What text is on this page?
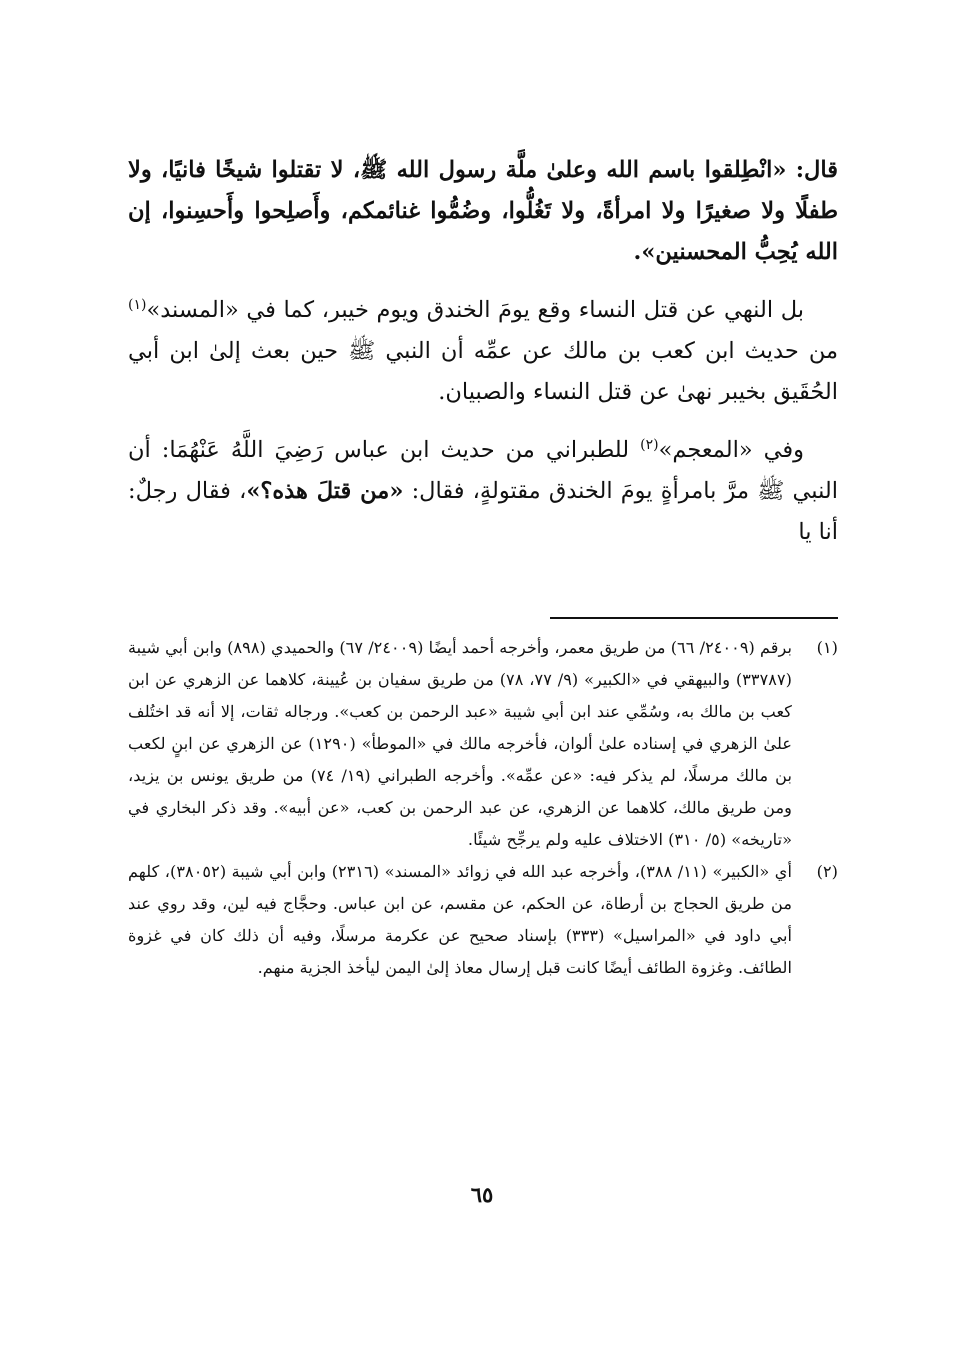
قال: «انْطِلقوا باسم الله وعلىٰ ملَّة رسول الله ﷺ، لا تقتلوا شيخًا فانيًا، ولا طفلًا ولا صغيرًا ولا امرأةً، ولا تَغُلُّوا، وضُمُّوا غنائمكم، وأَصلِحوا وأَحسِنوا، إن الله يُحِبُّ المحسنين».

بل النهي عن قتل النساء وقع يومَ الخندق ويوم خيبر، كما في «المسند»$^{(١)}$ من حديث ابن كعب بن مالك عن عمِّه أن النبي ﷺ حين بعث إلىٰ ابن أبي الحُقَيق بخيبر نهىٰ عن قتل النساء والصبيان.

وفي «المعجم»$^{(٢)}$ للطبراني من حديث ابن عباس رَضِيَ اللَّهُ عَنْهُمَا: أن النبي ﷺ مرَّ بامرأةٍ يومَ الخندق مقتولةٍ، فقال: «من قتلَ هذه؟»، فقال رجلٌ: أنا يا

(١)
برقم (٢٤٠٠٩/ ٦٦) من طريق معمر، وأخرجه أحمد أيضًا (٢٤٠٠٩/ ٦٧) والحميدي (٨٩٨) وابن أبي شيبة (٣٣٧٨٧) والبيهقي في «الكبير» (٩/ ٧٧، ٧٨) من طريق سفيان بن عُيينة، كلاهما عن الزهري عن ابن كعب بن مالك به، وسُمِّي عند ابن أبي شيبة «عبد الرحمن بن كعب». ورجاله ثقات، إلا أنه قد اختُلف علىٰ الزهري في إسناده علىٰ ألوان، فأخرجه مالك في «الموطأ» (١٢٩٠) عن الزهري عن ابنٍ لكعب بن مالك مرسلًا، لم يذكر فيه: «عن عمِّه». وأخرجه الطبراني (١٩/ ٧٤) من طريق يونس بن يزيد، ومن طريق مالك، كلاهما عن الزهري، عن عبد الرحمن بن كعب، «عن أبيه». وقد ذكر البخاري في «تاريخه» (٥/ ٣١٠) الاختلاف عليه ولم يرجِّح شيئًا.
(٢)
أي «الكبير» (١١/ ٣٨٨)، وأخرجه عبد الله في زوائد «المسند» (٢٣١٦) وابن أبي شيبة (٣٨٠٥٢)، كلهم من طريق الحجاج بن أرطاة، عن الحكم، عن مقسم، عن ابن عباس. وحجَّاج فيه لين، وقد روي عند أبي داود في «المراسيل» (٣٣٣) بإسناد صحيح عن عكرمة مرسلًا، وفيه أن ذلك كان في غزوة الطائف. وغزوة الطائف أيضًا كانت قبل إرسال معاذ إلىٰ اليمن ليأخذ الجزية منهم.
٦٥
